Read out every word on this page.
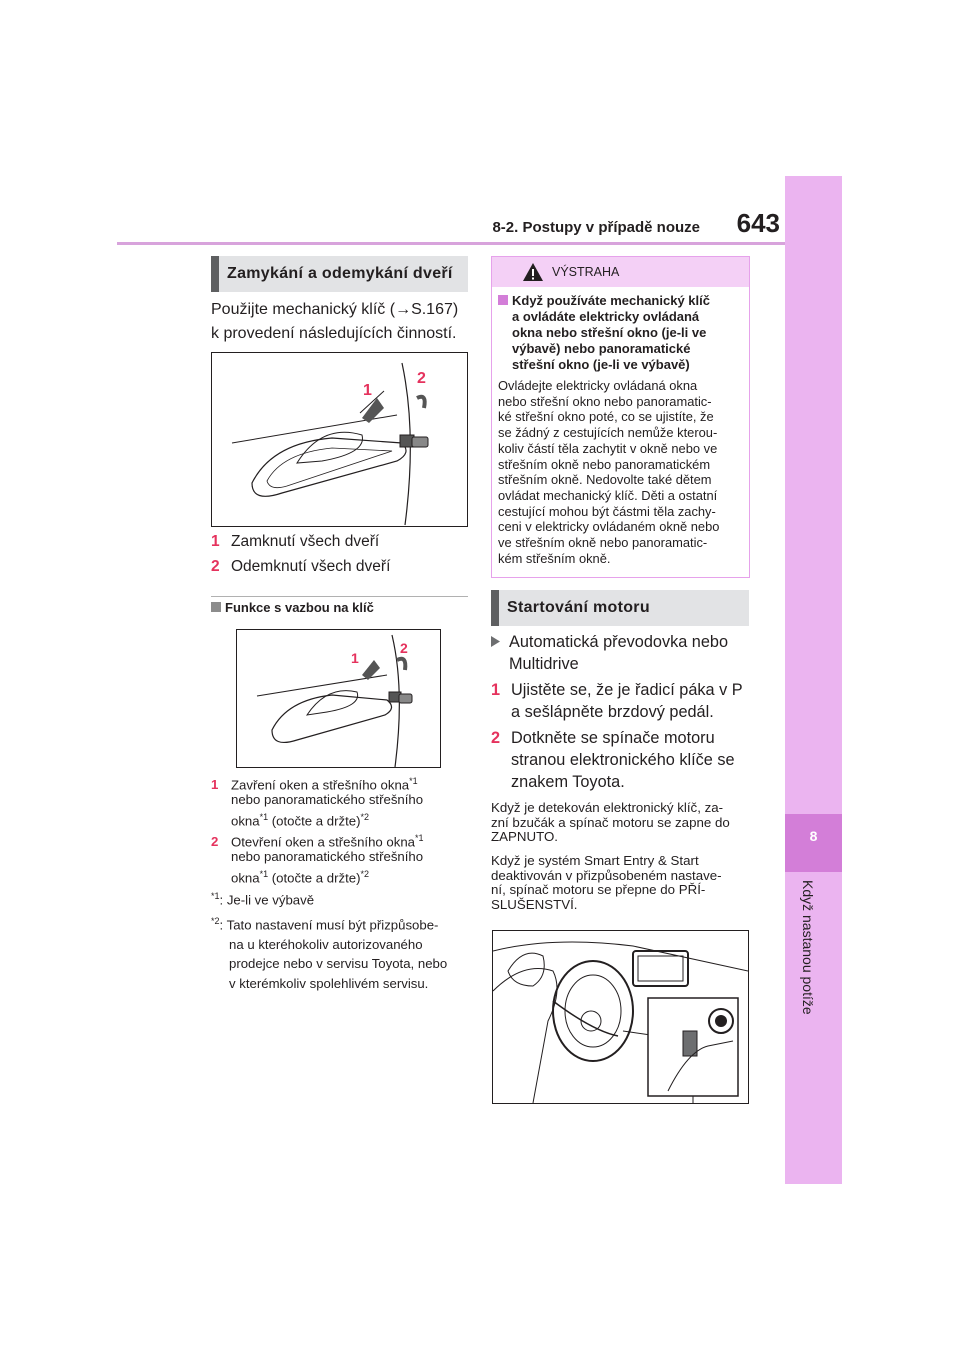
8-2. Postupy v případě nouze	643
8
Když nastanou potíže
Zamykání a odemykání dveří
Použijte mechanický klíč (→S.167)
k provedení následujících činností.
1
2
1 Zamknutí všech dveří
2 Odemknutí všech dveří
Funkce s vazbou na klíč
1
2
1 Zavření oken a střešního okna$^{*1}$
nebo panoramatického střešního
okna$^{*1}$ (otočte a držte)$^{*2}$
2 Otevření oken a střešního okna$^{*1}$
nebo panoramatického střešního
okna$^{*1}$ (otočte a držte)$^{*2}$
$^{*1}$: Je-li ve výbavě
$^{*2}$: Tato nastavení musí být přizpůsobe-
na u kteréhokoliv autorizovaného
prodejce nebo v servisu Toyota, nebo
v kterémkoliv spolehlivém servisu.
VÝSTRAHA
Když používáte mechanický klíč
a ovládáte elektricky ovládaná
okna nebo střešní okno (je-li ve
výbavě) nebo panoramatické
střešní okno (je-li ve výbavě)
Ovládejte elektricky ovládaná okna
nebo střešní okno nebo panoramatic-
ké střešní okno poté, co se ujistíte, že
se žádný z cestujících nemůže kterou-
koliv částí těla zachytit v okně nebo ve
střešním okně nebo panoramatickém
střešním okně. Nedovolte také dětem
ovládat mechanický klíč. Děti a ostatní
cestující mohou být částmi těla zachy-
ceni v elektricky ovládaném okně nebo
ve střešním okně nebo panoramatic-
kém střešním okně.
Startování motoru
Automatická převodovka nebo
Multidrive
1 Ujistěte se, že je řadicí páka v P
a sešlápněte brzdový pedál.
2 Dotkněte se spínače motoru
stranou elektronického klíče se
znakem Toyota.
Když je detekován elektronický klíč, za-
zní bzučák a spínač motoru se zapne do
ZAPNUTO.
Když je systém Smart Entry & Start
deaktivován v přizpůsobeném nastave-
ní, spínač motoru se přepne do PŘÍ-
SLUŠENSTVÍ.
